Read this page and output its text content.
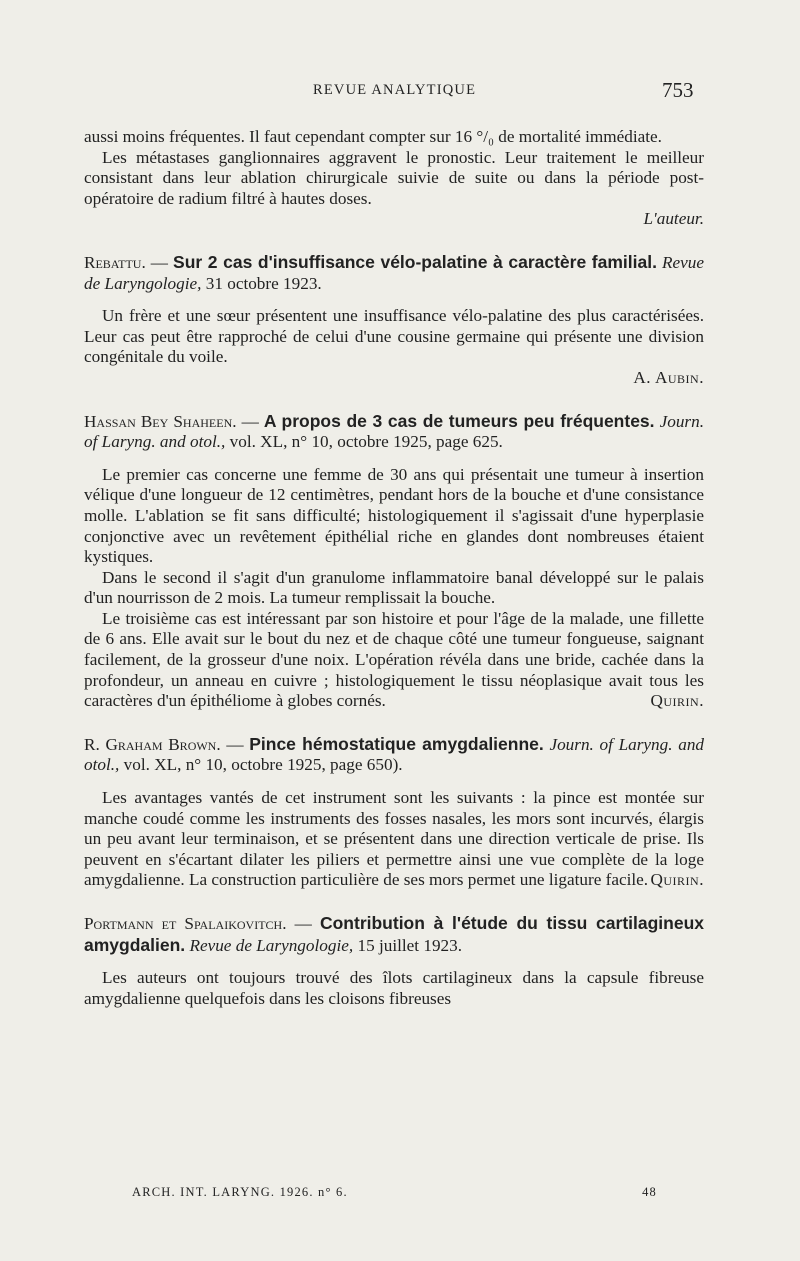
REVUE ANALYTIQUE	753

aussi moins fréquentes. Il faut cependant compter sur 16 °/₀ de mortalité immédiate.

Les métastases ganglionnaires aggravent le pronostic. Leur traitement le meilleur consistant dans leur ablation chirurgicale suivie de suite ou dans la période post-opératoire de radium filtré à hautes doses.

L'auteur.

Rebattu. — Sur 2 cas d'insuffisance vélo-palatine à caractère familial. Revue de Laryngologie, 31 octobre 1923.

Un frère et une sœur présentent une insuffisance vélo-palatine des plus caractérisées. Leur cas peut être rapproché de celui d'une cousine germaine qui présente une division congénitale du voile.

A. Aubin.

Hassan Bey Shaheen. — A propos de 3 cas de tumeurs peu fréquentes. Journ. of Laryng. and otol., vol. XL, n° 10, octobre 1925, page 625.

Le premier cas concerne une femme de 30 ans qui présentait une tumeur à insertion vélique d'une longueur de 12 centimètres, pendant hors de la bouche et d'une consistance molle. L'ablation se fit sans difficulté; histologiquement il s'agissait d'une hyperplasie conjonctive avec un revêtement épithélial riche en glandes dont nombreuses étaient kystiques.

Dans le second il s'agit d'un granulome inflammatoire banal développé sur le palais d'un nourrisson de 2 mois. La tumeur remplissait la bouche.

Le troisième cas est intéressant par son histoire et pour l'âge de la malade, une fillette de 6 ans. Elle avait sur le bout du nez et de chaque côté une tumeur fongueuse, saignant facilement, de la grosseur d'une noix. L'opération révéla dans une bride, cachée dans la profondeur, un anneau en cuivre ; histologiquement le tissu néoplasique avait tous les caractères d'un épithéliome à globes cornés.	Quirin.

R. Graham Brown. — Pince hémostatique amygdalienne. Journ. of Laryng. and otol., vol. XL, n° 10, octobre 1925, page 650).

Les avantages vantés de cet instrument sont les suivants : la pince est montée sur manche coudé comme les instruments des fosses nasales, les mors sont incurvés, élargis un peu avant leur terminaison, et se présentent dans une direction verticale de prise. Ils peuvent en s'écartant dilater les piliers et permettre ainsi une vue complète de la loge amygdalienne. La construction particulière de ses mors permet une ligature facile. Quirin.

Portmann et Spalaikovitch. — Contribution à l'étude du tissu cartilagineux amygdalien. Revue de Laryngologie, 15 juillet 1923.

Les auteurs ont toujours trouvé des îlots cartilagineux dans la capsule fibreuse amygdalienne quelquefois dans les cloisons fibreuses

ARCH. INT. LARYNG. 1926. n° 6.	48
